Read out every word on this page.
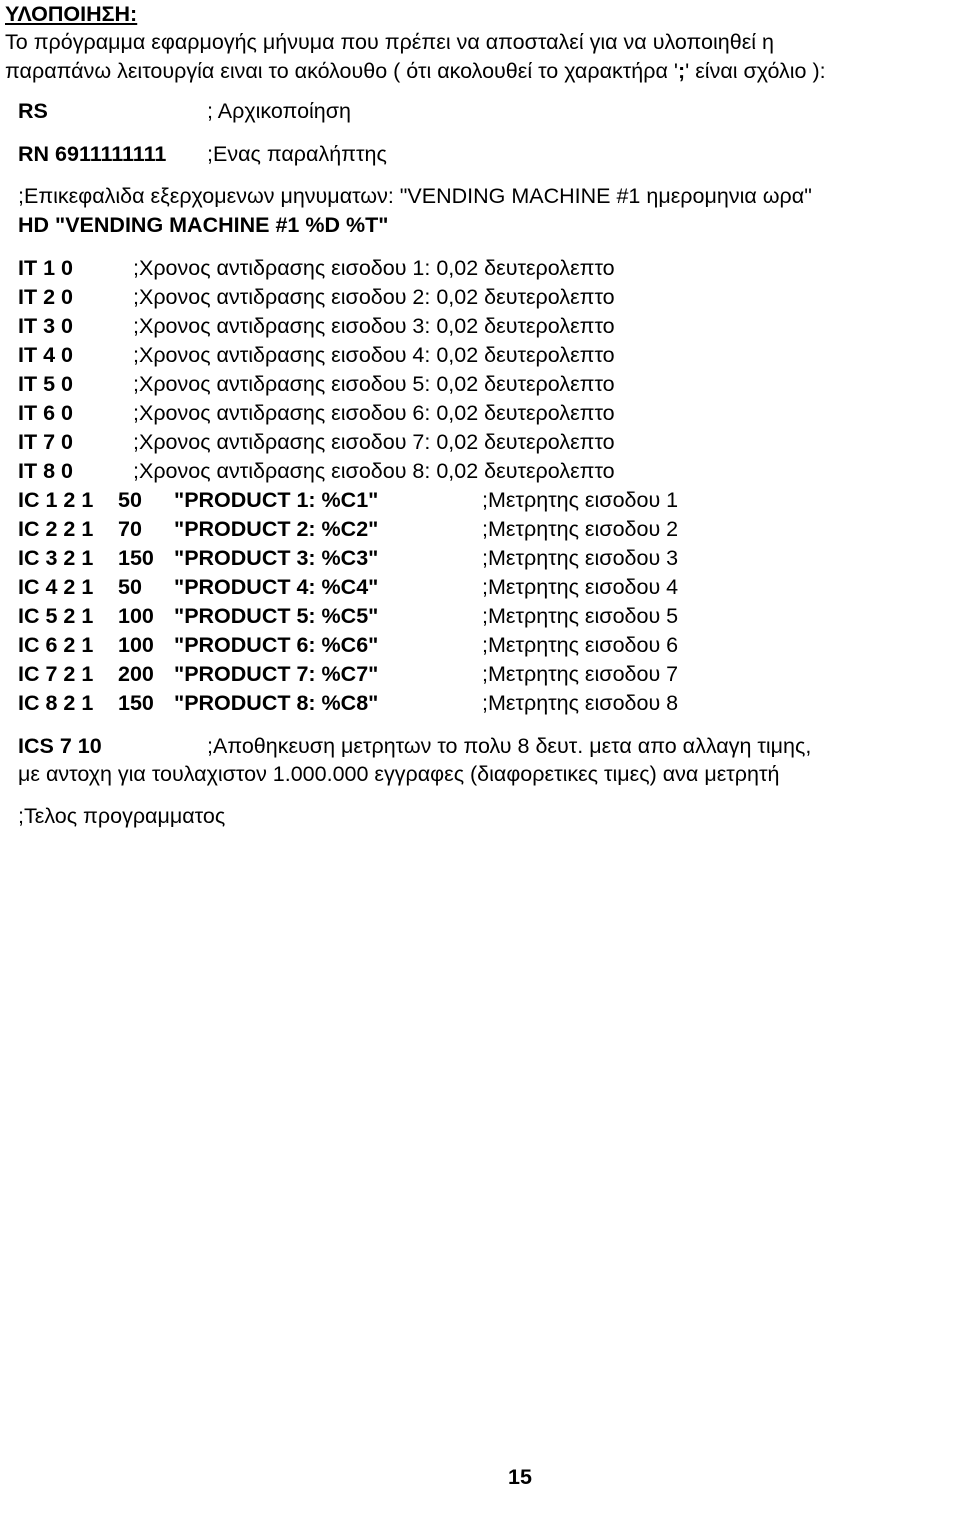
ΥΛΟΠΟΙΗΣΗ:
Το πρόγραμμα εφαρμογής μήνυμα που πρέπει να αποσταλεί για να υλοποιηθεί η
παραπάνω λειτουργία ειναι το ακόλουθο ( ότι ακολουθεί το χαρακτήρα ';' είναι σχόλιο ):
RS	; Αρχικοποίηση
RN 6911111111 ;Ενας παραλήπτης
;Επικεφαλιδα εξερχομενων μηνυματων: "VENDING MACHINE #1 ημερομηνια ωρα"
HD "VENDING MACHINE #1 %D %T"
IT 1 0	;Χρονος αντιδρασης εισοδου 1: 0,02 δευτερολεπτο
IT 2 0	;Χρονος αντιδρασης εισοδου 2: 0,02 δευτερολεπτο
IT 3 0	;Χρονος αντιδρασης εισοδου 3: 0,02 δευτερολεπτο
IT 4 0	;Χρονος αντιδρασης εισοδου 4: 0,02 δευτερολεπτο
IT 5 0	;Χρονος αντιδρασης εισοδου 5: 0,02 δευτερολεπτο
IT 6 0	;Χρονος αντιδρασης εισοδου 6: 0,02 δευτερολεπτο
IT 7 0	;Χρονος αντιδρασης εισοδου 7: 0,02 δευτερολεπτο
IT 8 0	;Χρονος αντιδρασης εισοδου 8: 0,02 δευτερολεπτο
IC 1 2 1 50 "PRODUCT 1: %C1"	;Μετρητης εισοδου 1
IC 2 2 1 70 "PRODUCT 2: %C2"	;Μετρητης εισοδου 2
IC 3 2 1 150 "PRODUCT 3: %C3"	;Μετρητης εισοδου 3
IC 4 2 1 50 "PRODUCT 4: %C4"	;Μετρητης εισοδου 4
IC 5 2 1 100 "PRODUCT 5: %C5"	;Μετρητης εισοδου 5
IC 6 2 1 100 "PRODUCT 6: %C6"	;Μετρητης εισοδου 6
IC 7 2 1 200 "PRODUCT 7: %C7"	;Μετρητης εισοδου 7
IC 8 2 1 150 "PRODUCT 8: %C8"	;Μετρητης εισοδου 8
ICS 7 10	;Αποθηκευση μετρητων το πολυ 8 δευτ. μετα απο αλλαγη τιμης,
με αντοχη για τουλαχιστον 1.000.000 εγγραφες (διαφορετικες τιμες) ανα μετρητή
;Τελος προγραμματος
15
